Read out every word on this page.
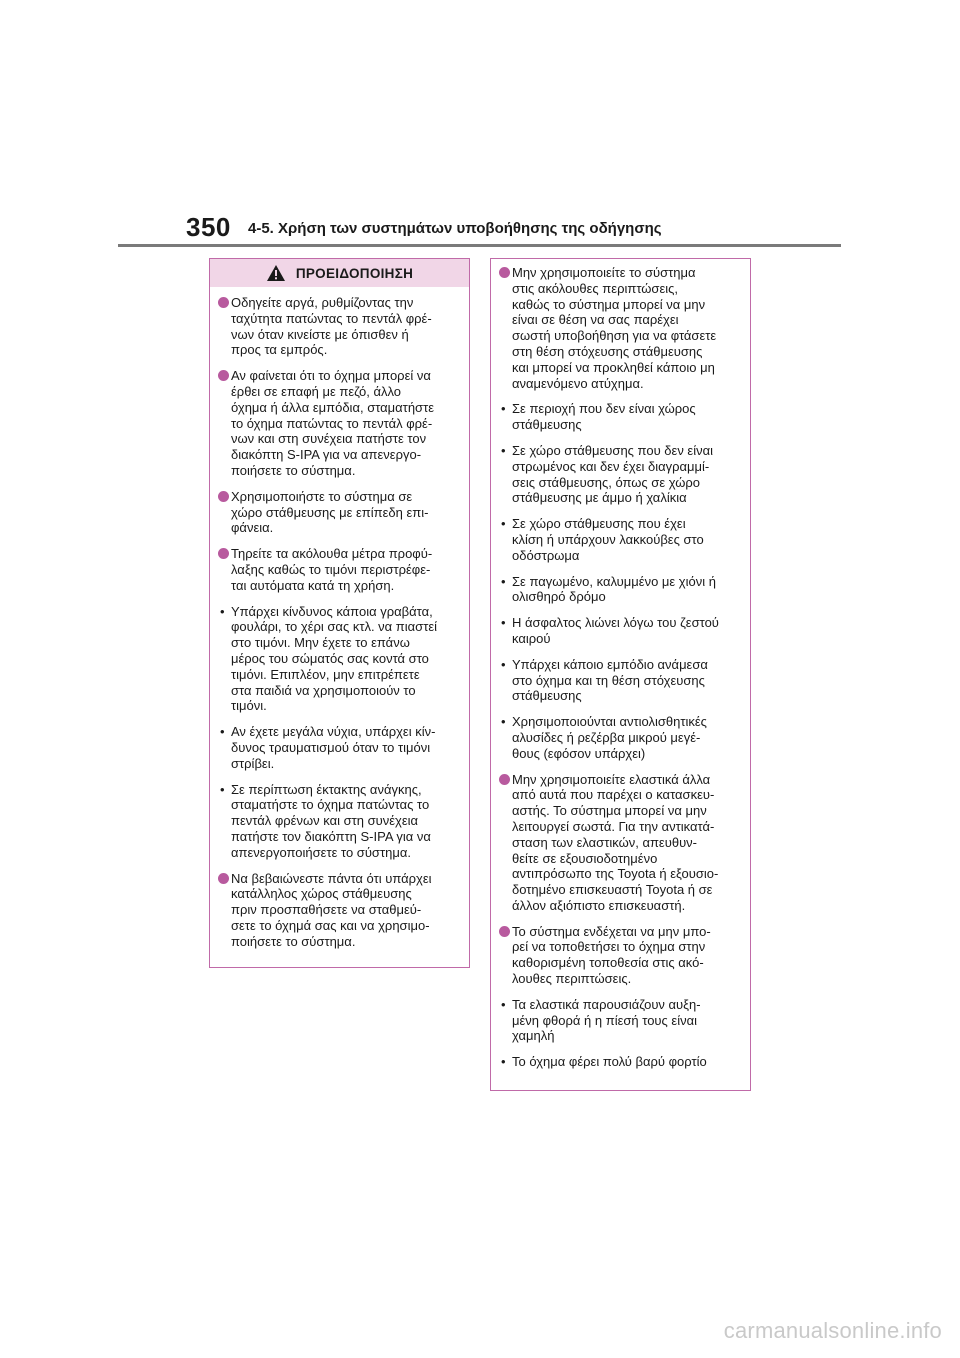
350 4-5. Χρήση των συστημάτων υποβοήθησης της οδήγησης
ΠΡΟΕΙΔΟΠΟΙΗΣΗ
Οδηγείτε αργά, ρυθμίζοντας την
ταχύτητα πατώντας το πεντάλ φρέ-
νων όταν κινείστε με όπισθεν ή
προς τα εμπρός.
Αν φαίνεται ότι το όχημα μπορεί να
έρθει σε επαφή με πεζό, άλλο
όχημα ή άλλα εμπόδια, σταματήστε
το όχημα πατώντας το πεντάλ φρέ-
νων και στη συνέχεια πατήστε τον
διακόπτη S-IPA για να απενεργο-
ποιήσετε το σύστημα.
Χρησιμοποιήστε το σύστημα σε
χώρο στάθμευσης με επίπεδη επι-
φάνεια.
Τηρείτε τα ακόλουθα μέτρα προφύ-
λαξης καθώς το τιμόνι περιστρέφε-
ται αυτόματα κατά τη χρήση.
• Υπάρχει κίνδυνος κάποια γραβάτα,
φουλάρι, το χέρι σας κτλ. να πιαστεί
στο τιμόνι. Μην έχετε το επάνω
μέρος του σώματός σας κοντά στο
τιμόνι. Επιπλέον, μην επιτρέπετε
στα παιδιά να χρησιμοποιούν το
τιμόνι.
• Αν έχετε μεγάλα νύχια, υπάρχει κίν-
δυνος τραυματισμού όταν το τιμόνι
στρίβει.
• Σε περίπτωση έκτακτης ανάγκης,
σταματήστε το όχημα πατώντας το
πεντάλ φρένων και στη συνέχεια
πατήστε τον διακόπτη S-IPA για να
απενεργοποιήσετε το σύστημα.
Να βεβαιώνεστε πάντα ότι υπάρχει
κατάλληλος χώρος στάθμευσης
πριν προσπαθήσετε να σταθμεύ-
σετε το όχημά σας και να χρησιμο-
ποιήσετε το σύστημα.
Μην χρησιμοποιείτε το σύστημα
στις ακόλουθες περιπτώσεις,
καθώς το σύστημα μπορεί να μην
είναι σε θέση να σας παρέχει
σωστή υποβοήθηση για να φτάσετε
στη θέση στόχευσης στάθμευσης
και μπορεί να προκληθεί κάποιο μη
αναμενόμενο ατύχημα.
• Σε περιοχή που δεν είναι χώρος
στάθμευσης
• Σε χώρο στάθμευσης που δεν είναι
στρωμένος και δεν έχει διαγραμμί-
σεις στάθμευσης, όπως σε χώρο
στάθμευσης με άμμο ή χαλίκια
• Σε χώρο στάθμευσης που έχει
κλίση ή υπάρχουν λακκούβες στο
οδόστρωμα
• Σε παγωμένο, καλυμμένο με χιόνι ή
ολισθηρό δρόμο
• Η άσφαλτος λιώνει λόγω του ζεστού
καιρού
• Υπάρχει κάποιο εμπόδιο ανάμεσα
στο όχημα και τη θέση στόχευσης
στάθμευσης
• Χρησιμοποιούνται αντιολισθητικές
αλυσίδες ή ρεζέρβα μικρού μεγέ-
θους (εφόσον υπάρχει)
Μην χρησιμοποιείτε ελαστικά άλλα
από αυτά που παρέχει ο κατασκευ-
αστής. Το σύστημα μπορεί να μην
λειτουργεί σωστά. Για την αντικατά-
σταση των ελαστικών, απευθυν-
θείτε σε εξουσιοδοτημένο
αντιπρόσωπο της Toyota ή εξουσιο-
δοτημένο επισκευαστή Toyota ή σε
άλλον αξιόπιστο επισκευαστή.
Το σύστημα ενδέχεται να μην μπο-
ρεί να τοποθετήσει το όχημα στην
καθορισμένη τοποθεσία στις ακό-
λουθες περιπτώσεις.
• Τα ελαστικά παρουσιάζουν αυξη-
μένη φθορά ή η πίεσή τους είναι
χαμηλή
• Το όχημα φέρει πολύ βαρύ φορτίο
carmanualsonline.info
